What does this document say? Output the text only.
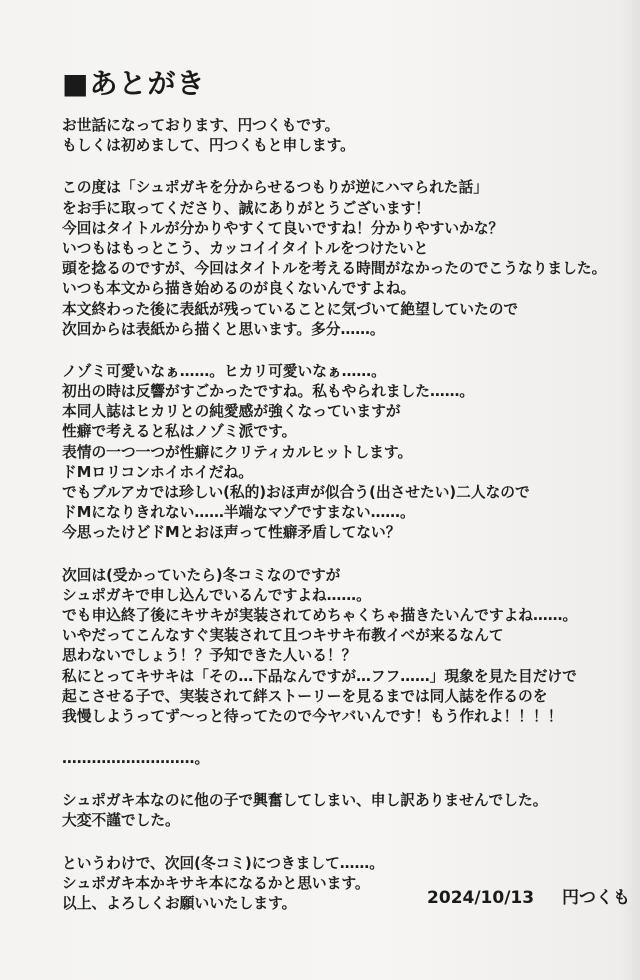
■あとがき
お世話になっております、円つくもです。
もしくは初めまして、円つくもと申します。
この度は「シュポガキを分からせるつもりが逆にハマられた話」
をお手に取ってくださり、誠にありがとうございます！
今回はタイトルが分かりやすくて良いですね！分かりやすいかな？
いつもはもっとこう、カッコイイタイトルをつけたいと
頭を捻るのですが、今回はタイトルを考える時間がなかったのでこうなりました。
いつも本文から描き始めるのが良くないんですよね。
本文終わった後に表紙が残っていることに気づいて絶望していたので
次回からは表紙から描くと思います。多分……。
ノゾミ可愛いなぁ……。ヒカリ可愛いなぁ……。
初出の時は反響がすごかったですね。私もやられました……。
本同人誌はヒカリとの純愛感が強くなっていますが
性癖で考えると私はノゾミ派です。
表情の一つ一つが性癖にクリティカルヒットします。
ドMロリコンホイホイだね。
でもブルアカでは珍しい(私的)おほ声が似合う(出させたい)二人なので
ドMになりきれない……半端なマゾですまない……。
今思ったけどドMとおほ声って性癖矛盾してない？
次回は(受かっていたら)冬コミなのですが
シュポガキで申し込んでいるんですよね……。
でも申込終了後にキサキが実装されてめちゃくちゃ描きたいんですよね……。
いやだってこんなすぐ実装されて且つキサキ布教イベが来るなんて
思わないでしょう！？予知できた人いる！？
私にとってキサキは「その…下品なんですが…フフ……」現象を見た目だけで
起こさせる子で、実装されて絆ストーリーを見るまでは同人誌を作るのを
我慢しようってず～っと待ってたので今ヤバいんです！もう作れよ！！！！
………………………。
シュポガキ本なのに他の子で興奮してしまい、申し訳ありませんでした。
大変不謹でした。
というわけで、次回(冬コミ)につきまして……。
シュポガキ本かキサキ本になるかと思います。
以上、よろしくお願いいたします。	2024/10/13 円つくも
